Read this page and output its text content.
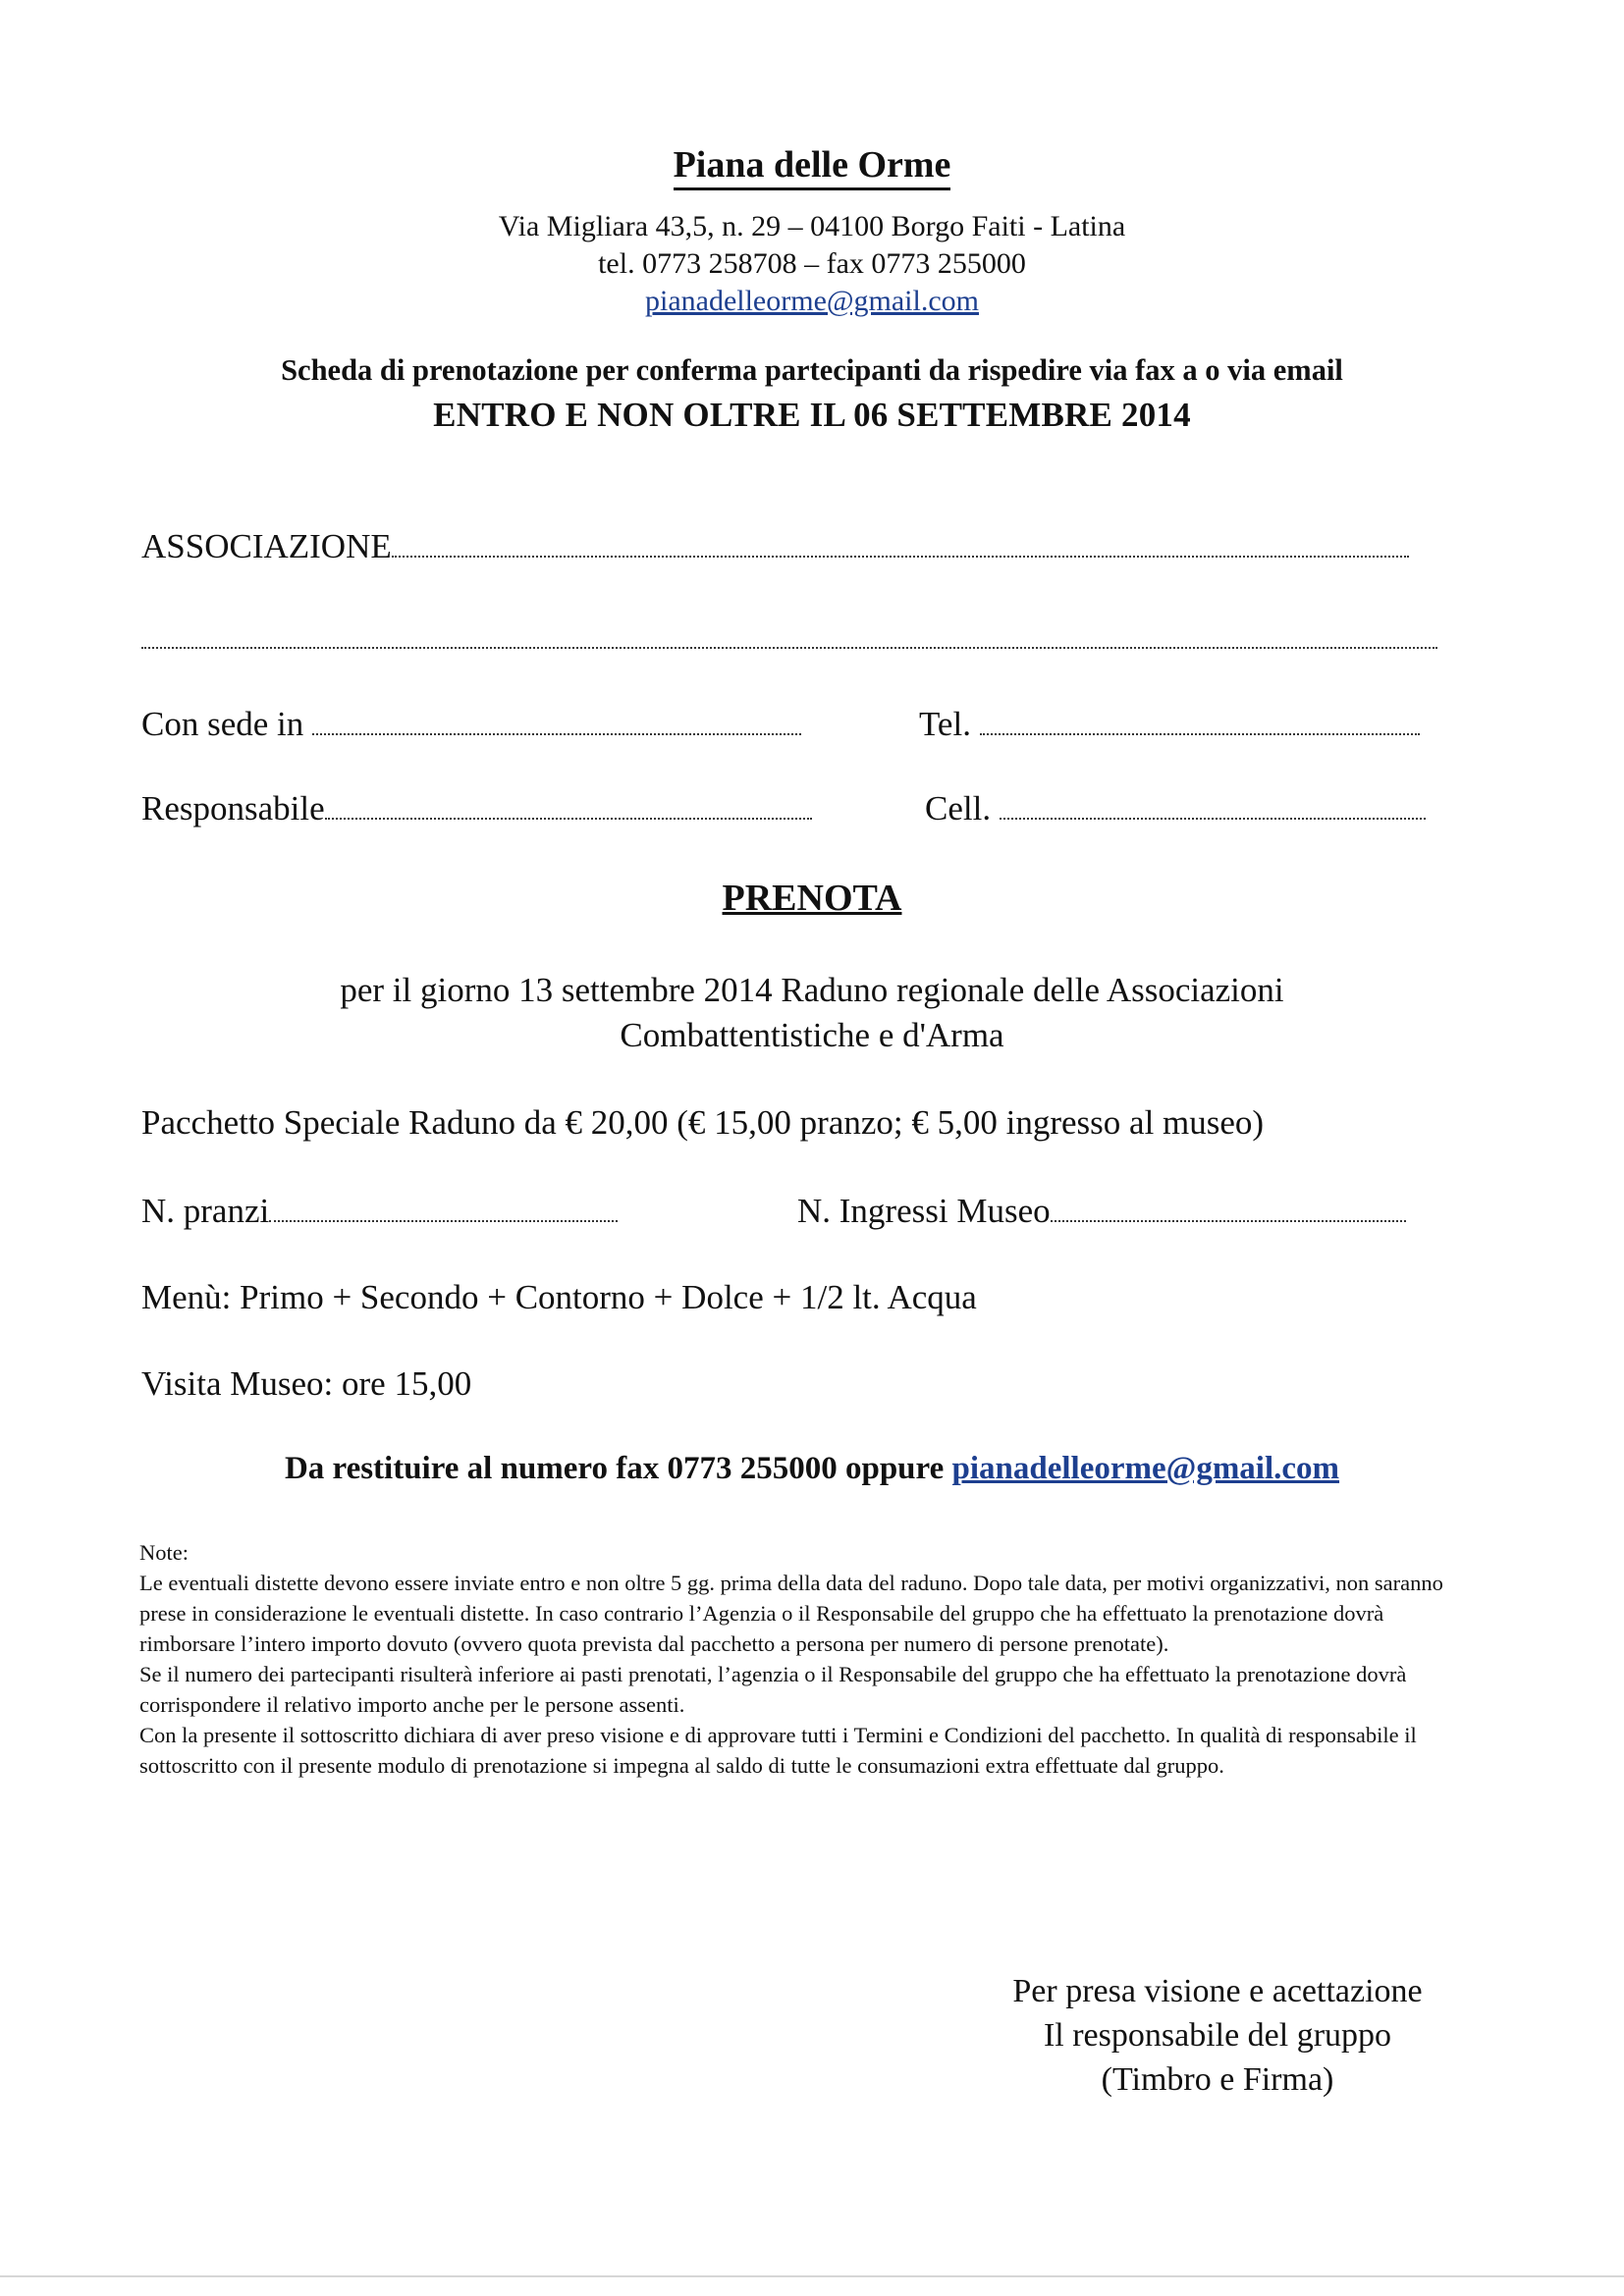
Piana delle Orme
Via Migliara 43,5, n. 29 – 04100 Borgo Faiti - Latina
tel. 0773 258708 – fax 0773 255000
pianadelleorme@gmail.com
Scheda di prenotazione per conferma partecipanti da rispedire via fax a o via email
ENTRO E NON OLTRE IL 06 SETTEMBRE 2014
ASSOCIAZIONE
Con sede in	Tel.
Responsabile	Cell.
PRENOTA
per il giorno 13 settembre 2014 Raduno regionale delle Associazioni
Combattentistiche e d'Arma
Pacchetto Speciale Raduno da € 20,00 (€ 15,00 pranzo; € 5,00 ingresso al museo)
N. pranzi	N. Ingressi Museo
Menù: Primo + Secondo + Contorno + Dolce + 1/2 lt. Acqua
Visita Museo: ore 15,00
Da restituire al numero fax 0773 255000 oppure pianadelleorme@gmail.com

Note:

Le eventuali distette devono essere inviate entro e non oltre 5 gg. prima della data del raduno. Dopo tale data, per motivi organizzativi, non saranno prese in considerazione le eventuali distette. In caso contrario l’Agenzia o il Responsabile del gruppo che ha effettuato la prenotazione dovrà rimborsare l’intero importo dovuto (ovvero quota prevista dal pacchetto a persona per numero di persone prenotate).

Se il numero dei partecipanti risulterà inferiore ai pasti prenotati, l’agenzia o il Responsabile del gruppo che ha effettuato la prenotazione dovrà corrispondere il relativo importo anche per le persone assenti.

Con la presente il sottoscritto dichiara di aver preso visione e di approvare tutti i Termini e Condizioni del pacchetto. In qualità di responsabile il sottoscritto con il presente modulo di prenotazione si impegna al saldo di tutte le consumazioni extra effettuate dal gruppo.

Per presa visione e acettazione
Il responsabile del gruppo
(Timbro e Firma)
